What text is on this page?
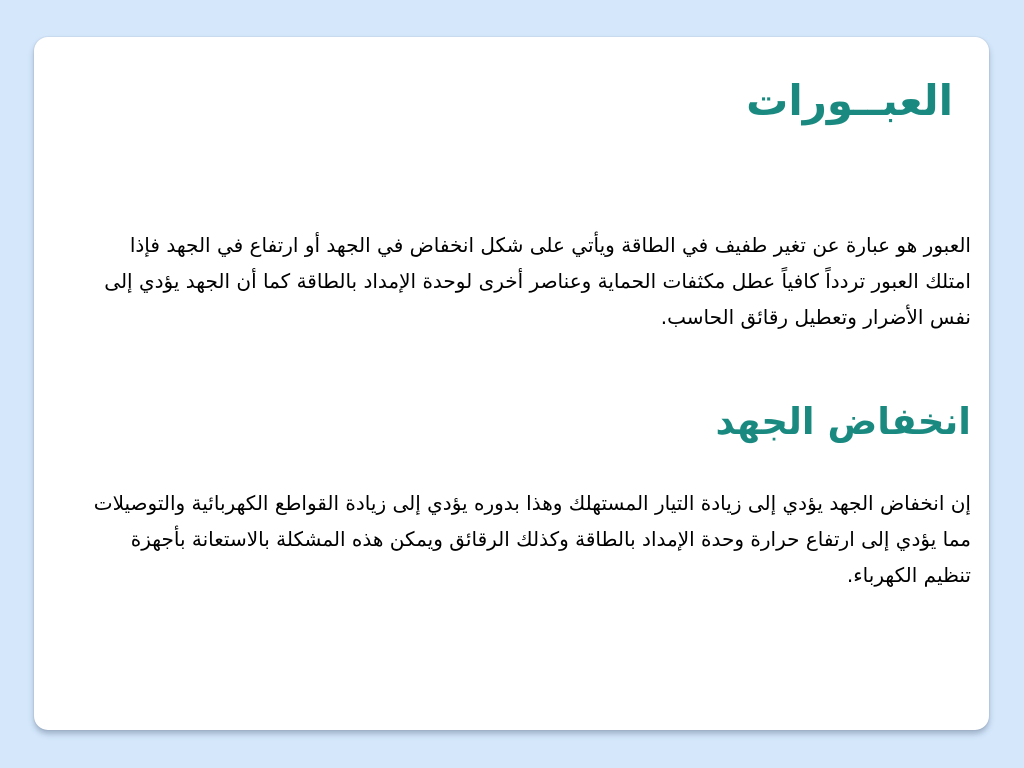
العبــورات

العبور هو عبارة عن تغير طفيف في الطاقة ويأتي على شكل انخفاض في الجهد أو ارتفاع في الجهد فإذا امتلك العبور تردداً كافياً عطل مكثفات الحماية وعناصر أخرى لوحدة الإمداد بالطاقة كما أن الجهد يؤدي إلى نفس الأضرار وتعطيل رقائق الحاسب.

انخفاض الجهد

إن انخفاض الجهد يؤدي إلى زيادة التيار المستهلك وهذا بدوره يؤدي إلى زيادة القواطع الكهربائية والتوصيلات مما يؤدي إلى ارتفاع حرارة وحدة الإمداد بالطاقة وكذلك الرقائق ويمكن هذه المشكلة بالاستعانة بأجهزة تنظيم الكهرباء.
